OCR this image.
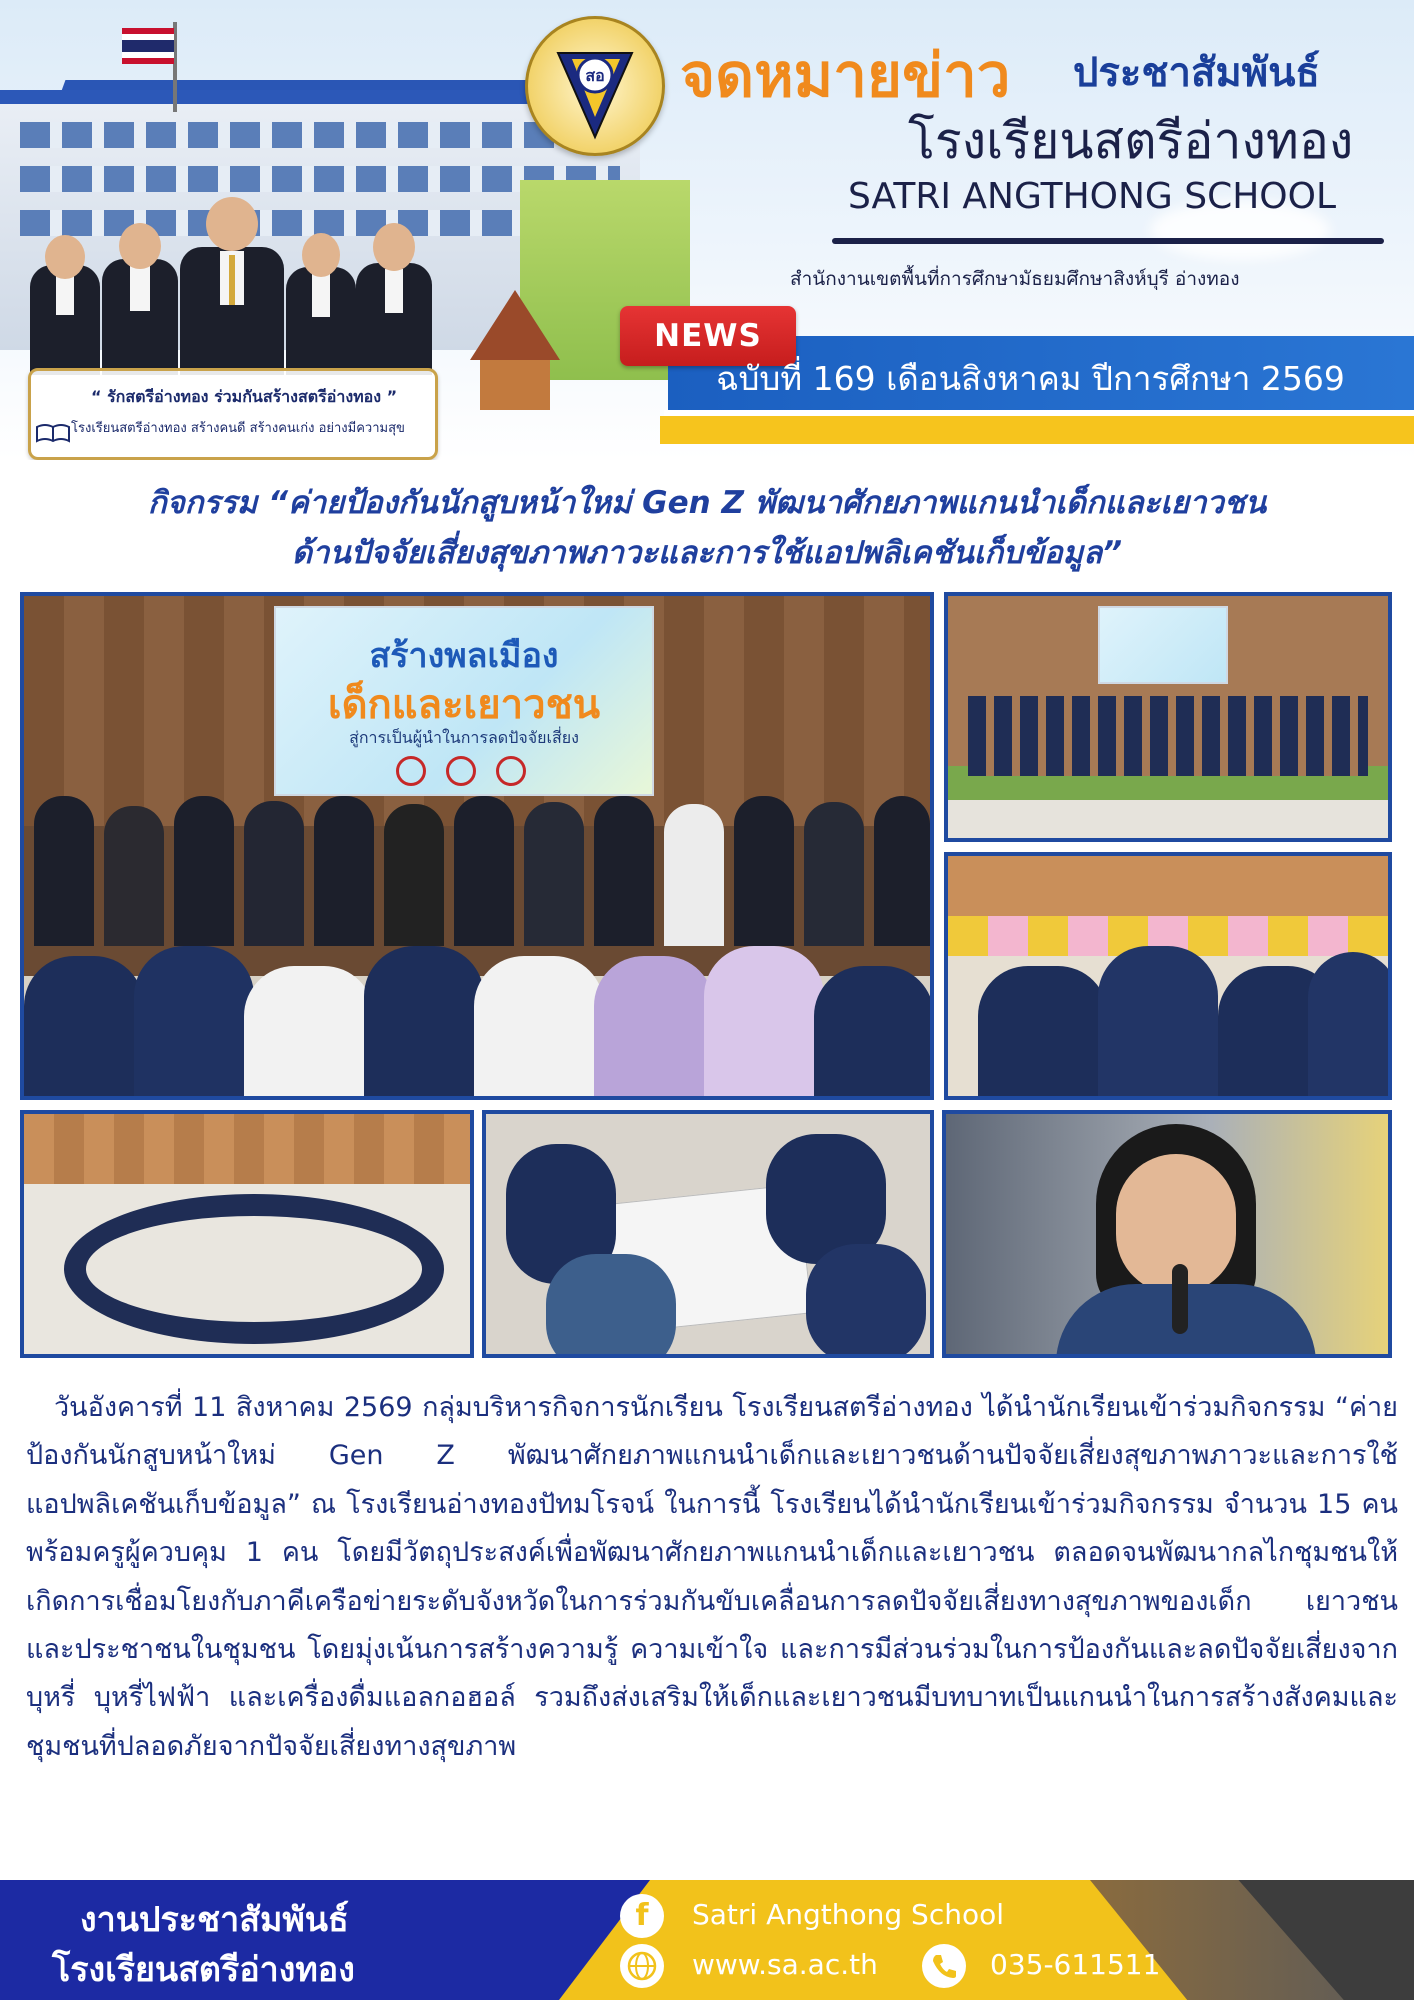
“ รักสตรีอ่างทอง ร่วมกันสร้างสตรีอ่างทอง ”
โรงเรียนสตรีอ่างทอง สร้างคนดี สร้างคนเก่ง อย่างมีความสุข
สอ จดหมายข่าว ประชาสัมพันธ์
โรงเรียนสตรีอ่างทอง
SATRI ANGTHONG SCHOOL
สำนักงานเขตพื้นที่การศึกษามัธยมศึกษาสิงห์บุรี อ่างทอง
NEWS
ฉบับที่ 169 เดือนสิงหาคม ปีการศึกษา 2569
กิจกรรม “ค่ายป้องกันนักสูบหน้าใหม่ Gen Z พัฒนาศักยภาพแกนนำเด็กและเยาวชน
ด้านปัจจัยเสี่ยงสุขภาพภาวะและการใช้แอปพลิเคชันเก็บข้อมูล”
สร้างพลเมือง
เด็กและเยาวชน
สู่การเป็นผู้นำในการลดปัจจัยเสี่ยง
วันอังคารที่ 11 สิงหาคม 2569 กลุ่มบริหารกิจการนักเรียน โรงเรียนสตรีอ่างทอง ได้นำนักเรียนเข้าร่วมกิจกรรม “ค่ายป้องกันนักสูบหน้าใหม่ Gen Z พัฒนาศักยภาพแกนนำเด็กและเยาวชนด้านปัจจัยเสี่ยงสุขภาพภาวะและการใช้แอปพลิเคชันเก็บข้อมูล” ณ โรงเรียนอ่างทองปัทมโรจน์ ในการนี้ โรงเรียนได้นำนักเรียนเข้าร่วมกิจกรรม จำนวน 15 คน พร้อมครูผู้ควบคุม 1 คน โดยมีวัตถุประสงค์เพื่อพัฒนาศักยภาพแกนนำเด็กและเยาวชน ตลอดจนพัฒนากลไกชุมชนให้เกิดการเชื่อมโยงกับภาคีเครือข่ายระดับจังหวัดในการร่วมกันขับเคลื่อนการลดปัจจัยเสี่ยงทางสุขภาพของเด็ก เยาวชน และประชาชนในชุมชน โดยมุ่งเน้นการสร้างความรู้ ความเข้าใจ และการมีส่วนร่วมในการป้องกันและลดปัจจัยเสี่ยงจาก บุหรี่ บุหรี่ไฟฟ้า และเครื่องดื่มแอลกอฮอล์ รวมถึงส่งเสริมให้เด็กและเยาวชนมีบทบาทเป็นแกนนำในการสร้างสังคมและชุมชนที่ปลอดภัยจากปัจจัยเสี่ยงทางสุขภาพ
งานประชาสัมพันธ์
โรงเรียนสตรีอ่างทอง
f	Satri Angthong School
www.sa.ac.th	035-611511
